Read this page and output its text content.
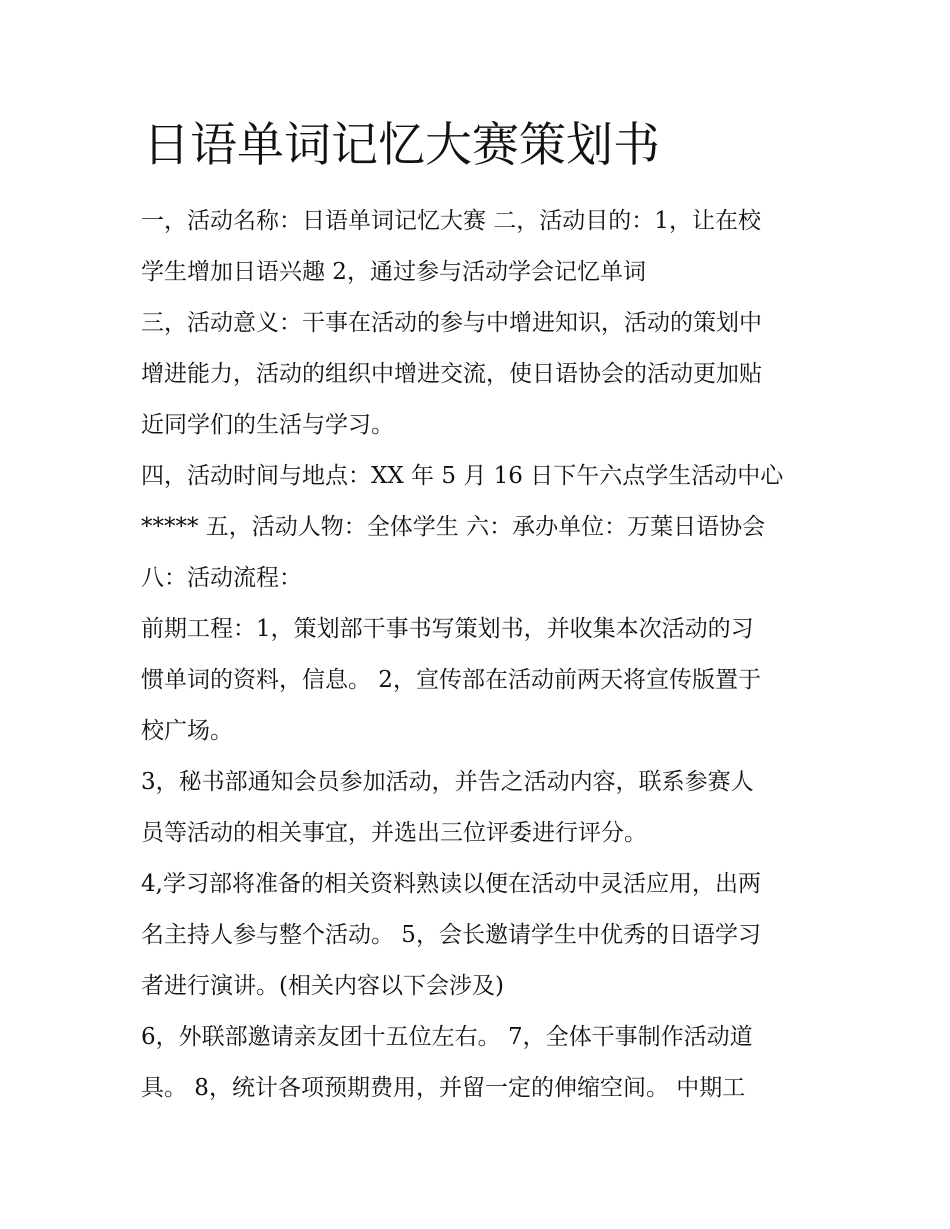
日语单词记忆大赛策划书
一，活动名称：日语单词记忆大赛 二，活动目的：1，让在校
学生增加日语兴趣 2，通过参与活动学会记忆单词
三，活动意义：干事在活动的参与中增进知识，活动的策划中
增进能力，活动的组织中增进交流，使日语协会的活动更加贴
近同学们的生活与学习。
四，活动时间与地点：XX 年 5 月 16 日下午六点学生活动中心
***** 五，活动人物：全体学生 六：承办单位：万葉日语协会
八：活动流程：
前期工程：1，策划部干事书写策划书，并收集本次活动的习
惯单词的资料，信息。 2，宣传部在活动前两天将宣传版置于
校广场。
3，秘书部通知会员参加活动，并告之活动内容，联系参赛人
员等活动的相关事宜，并选出三位评委进行评分。
4,学习部将准备的相关资料熟读以便在活动中灵活应用，出两
名主持人参与整个活动。 5，会长邀请学生中优秀的日语学习
者进行演讲。(相关内容以下会涉及)
6，外联部邀请亲友团十五位左右。 7，全体干事制作活动道
具。 8，统计各项预期费用，并留一定的伸缩空间。 中期工
